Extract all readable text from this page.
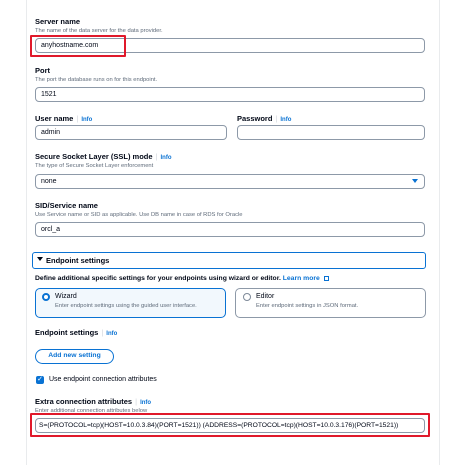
Server name
The name of the data server for the data provider.
anyhostname.com
Port
The port the database runs on for this endpoint.
1521
User name | Info
admin
Password | Info
Secure Socket Layer (SSL) mode | Info
The type of Secure Socket Layer enforcement
none
SID/Service name
Use Service name or SID as applicable. Use DB name in case of RDS for Oracle
orcl_a
Endpoint settings
Define additional specific settings for your endpoints using wizard or editor. Learn more
Wizard
Enter endpoint settings using the guided user interface.
Editor
Enter endpoint settings in JSON format.
Endpoint settings | Info
Add new setting
✓ Use endpoint connection attributes
Extra connection attributes | Info
Enter additional connection attributes below
S=(PROTOCOL=tcp)(HOST=10.0.3.84)(PORT=1521)) (ADDRESS=(PROTOCOL=tcp)(HOST=10.0.3.176)(PORT=1521))
